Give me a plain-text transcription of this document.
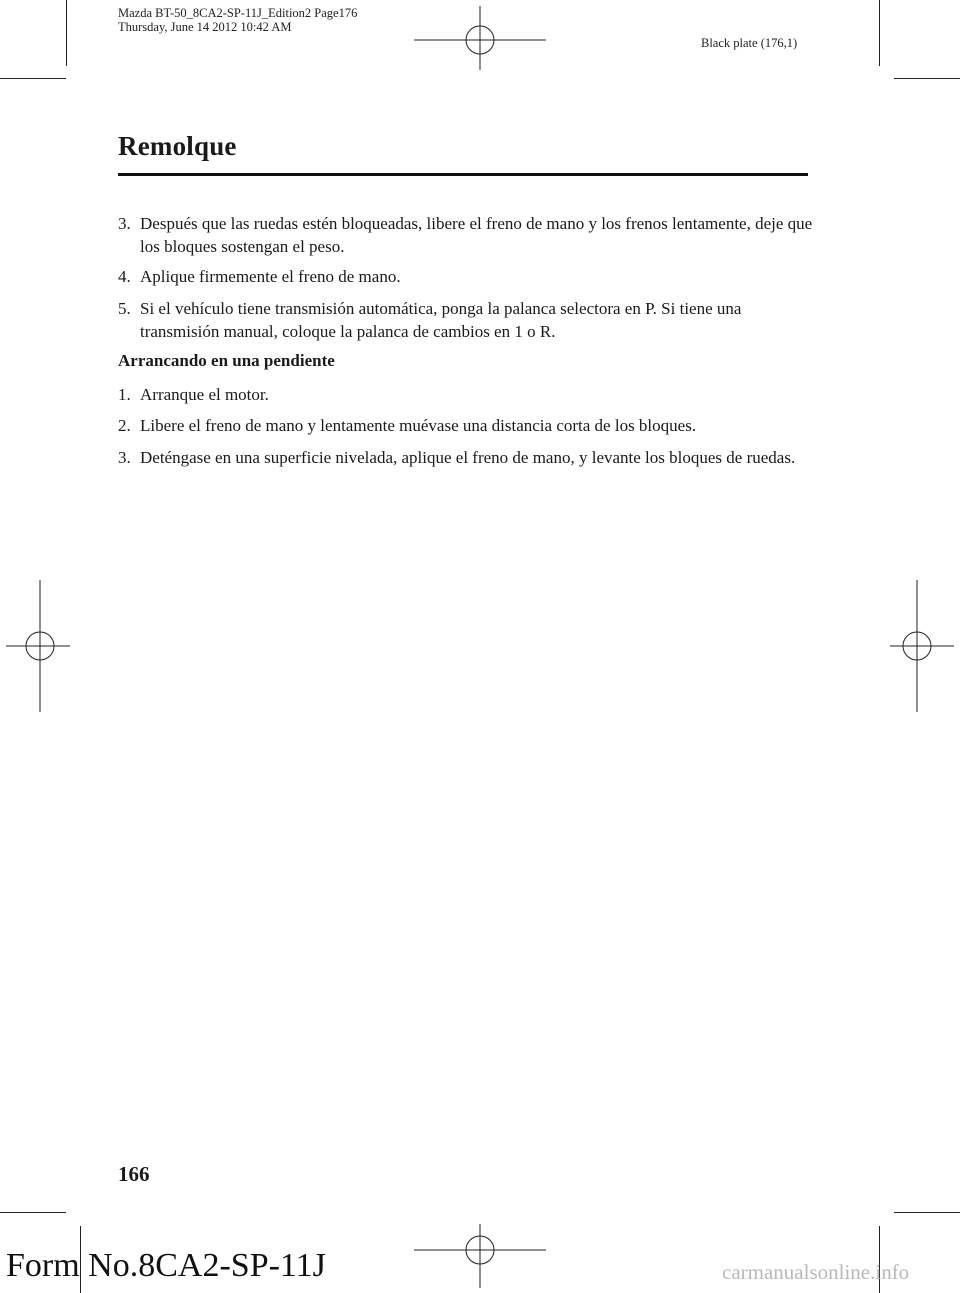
Mazda BT-50_8CA2-SP-11J_Edition2 Page176
Thursday, June 14 2012 10:42 AM
Black plate (176,1)
Remolque
3. Después que las ruedas estén bloqueadas, libere el freno de mano y los frenos lentamente, deje que los bloques sostengan el peso.
4. Aplique firmemente el freno de mano.
5. Si el vehículo tiene transmisión automática, ponga la palanca selectora en P. Si tiene una transmisión manual, coloque la palanca de cambios en 1 o R.
Arrancando en una pendiente
1. Arranque el motor.
2. Libere el freno de mano y lentamente muévase una distancia corta de los bloques.
3. Deténgase en una superficie nivelada, aplique el freno de mano, y levante los bloques de ruedas.
166
Form No.8CA2-SP-11J	carmanualsonline.info
